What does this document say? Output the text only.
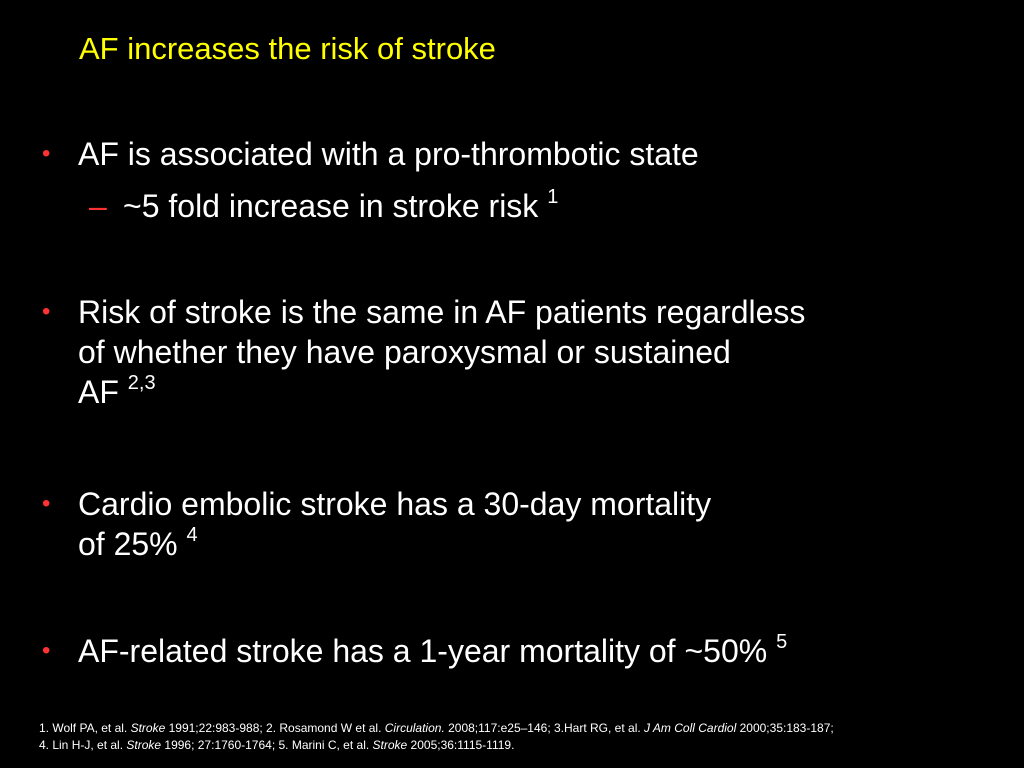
AF increases the risk of stroke
• AF is associated with a pro-thrombotic state
– ~5 fold increase in stroke risk $^1$
• Risk of stroke is the same in AF patients regardless
of whether they have paroxysmal or sustained
AF $^{2,3}$
• Cardio embolic stroke has a 30-day mortality
of 25% $^4$
• AF-related stroke has a 1-year mortality of ~50% $^5$
1. Wolf PA, et al. Stroke 1991;22:983-988; 2. Rosamond W et al. Circulation. 2008;117:e25–146; 3.Hart RG, et al. J Am Coll Cardiol 2000;35:183-187;
4. Lin H-J, et al. Stroke 1996; 27:1760-1764; 5. Marini C, et al. Stroke 2005;36:1115-1119.
